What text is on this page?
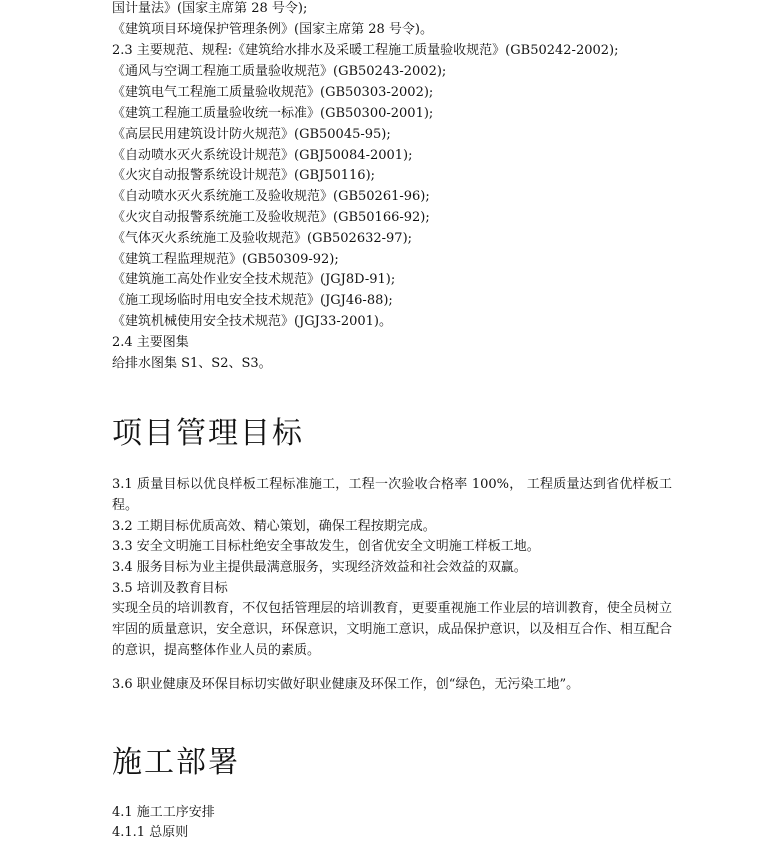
国计量法》(国家主席第 28 号令);
《建筑项目环境保护管理条例》(国家主席第 28 号令)。
2.3 主要规范、规程:《建筑给水排水及采暖工程施工质量验收规范》(GB50242-2002);
《通风与空调工程施工质量验收规范》(GB50243-2002);
《建筑电气工程施工质量验收规范》(GB50303-2002);
《建筑工程施工质量验收统一标准》(GB50300-2001);
《高层民用建筑设计防火规范》(GB50045-95);
《自动喷水灭火系统设计规范》(GBJ50084-2001);
《火灾自动报警系统设计规范》(GBJ50116);
《自动喷水灭火系统施工及验收规范》(GB50261-96);
《火灾自动报警系统施工及验收规范》(GB50166-92);
《气体灭火系统施工及验收规范》(GB502632-97);
《建筑工程监理规范》(GB50309-92);
《建筑施工高处作业安全技术规范》(JGJ8D-91);
《施工现场临时用电安全技术规范》(JGJ46-88);
《建筑机械使用安全技术规范》(JGJ33-2001)。
2.4 主要图集
给排水图集 S1、S2、S3。
项目管理目标
3.1 质量目标以优良样板工程标准施工，工程一次验收合格率 100%， 工程质量达到省优样板工程。
3.2 工期目标优质高效、精心策划，确保工程按期完成。
3.3 安全文明施工目标杜绝安全事故发生，创省优安全文明施工样板工地。
3.4 服务目标为业主提供最满意服务，实现经济效益和社会效益的双赢。
3.5 培训及教育目标
实现全员的培训教育，不仅包括管理层的培训教育，更要重视施工作业层的培训教育，使全员树立牢固的质量意识，安全意识，环保意识，文明施工意识，成品保护意识，以及相互合作、相互配合的意识，提高整体作业人员的素质。
3.6 职业健康及环保目标切实做好职业健康及环保工作，创“绿色，无污染工地”。
施工部署
4.1 施工工序安排
4.1.1 总原则
